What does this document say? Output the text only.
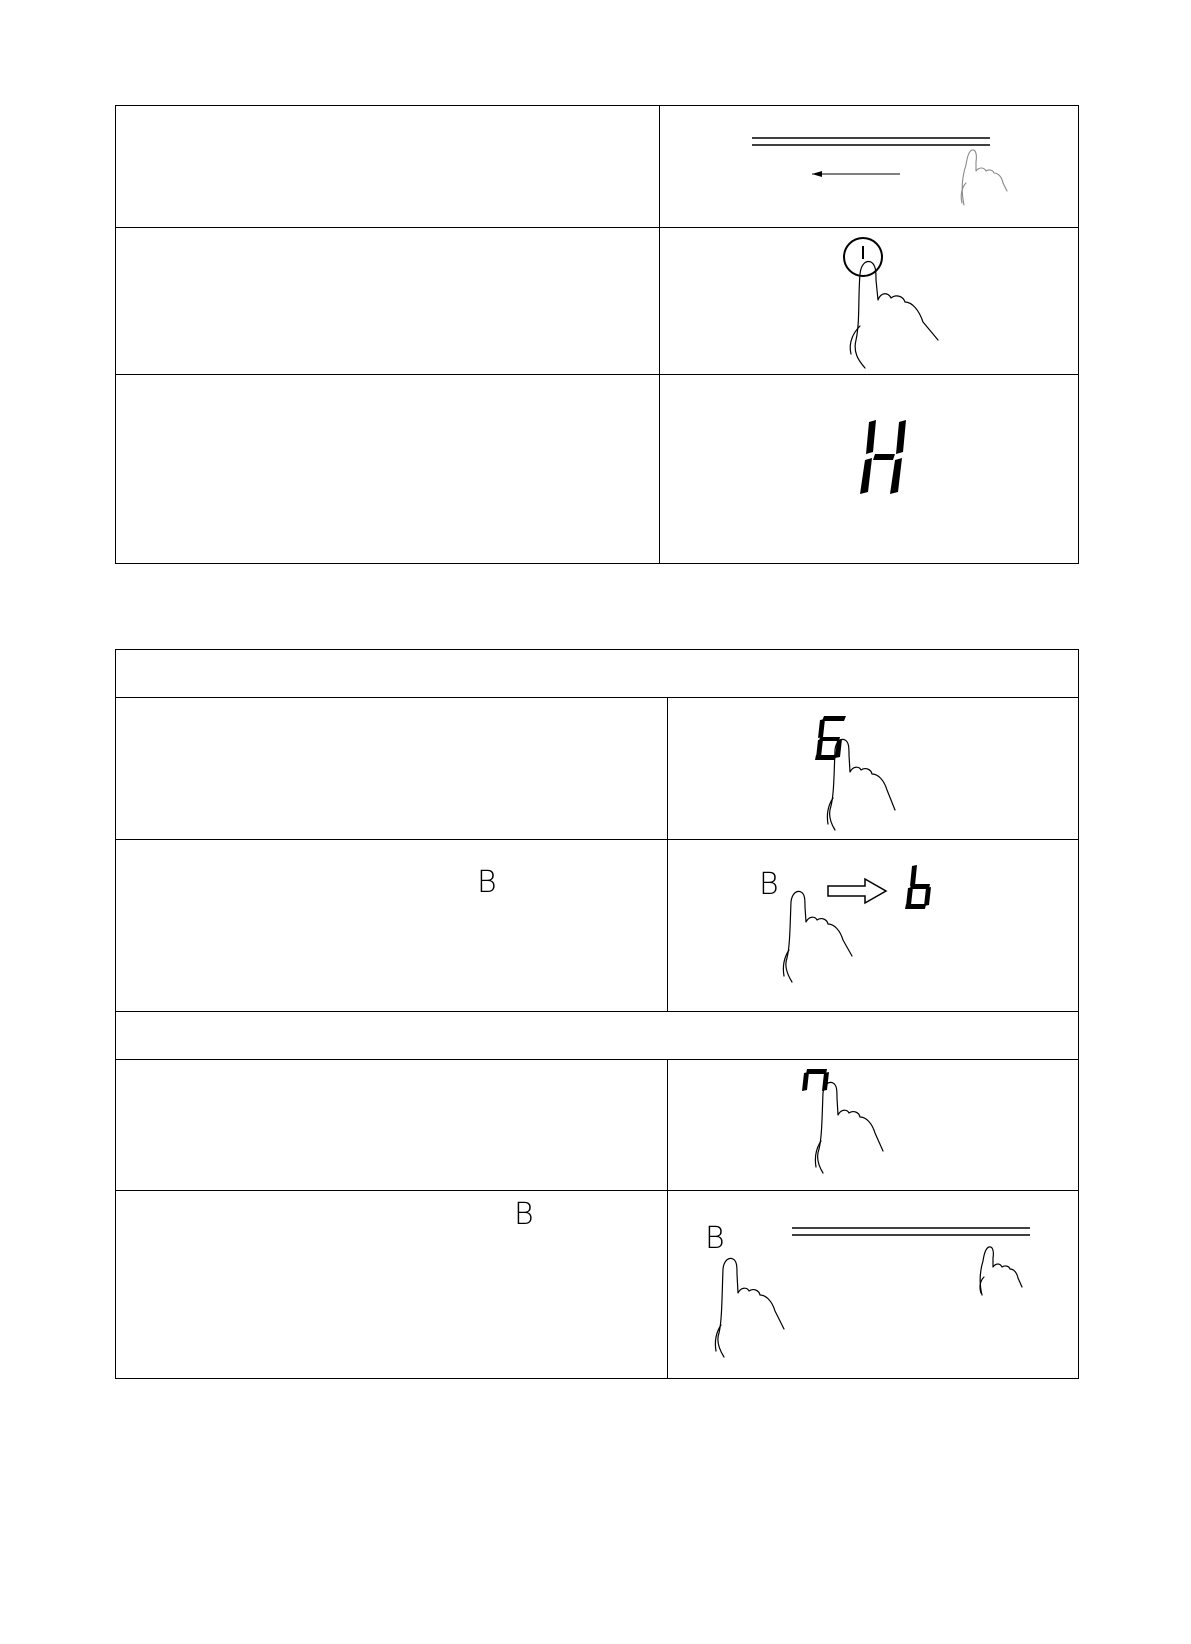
6
B	B
n
B
B
